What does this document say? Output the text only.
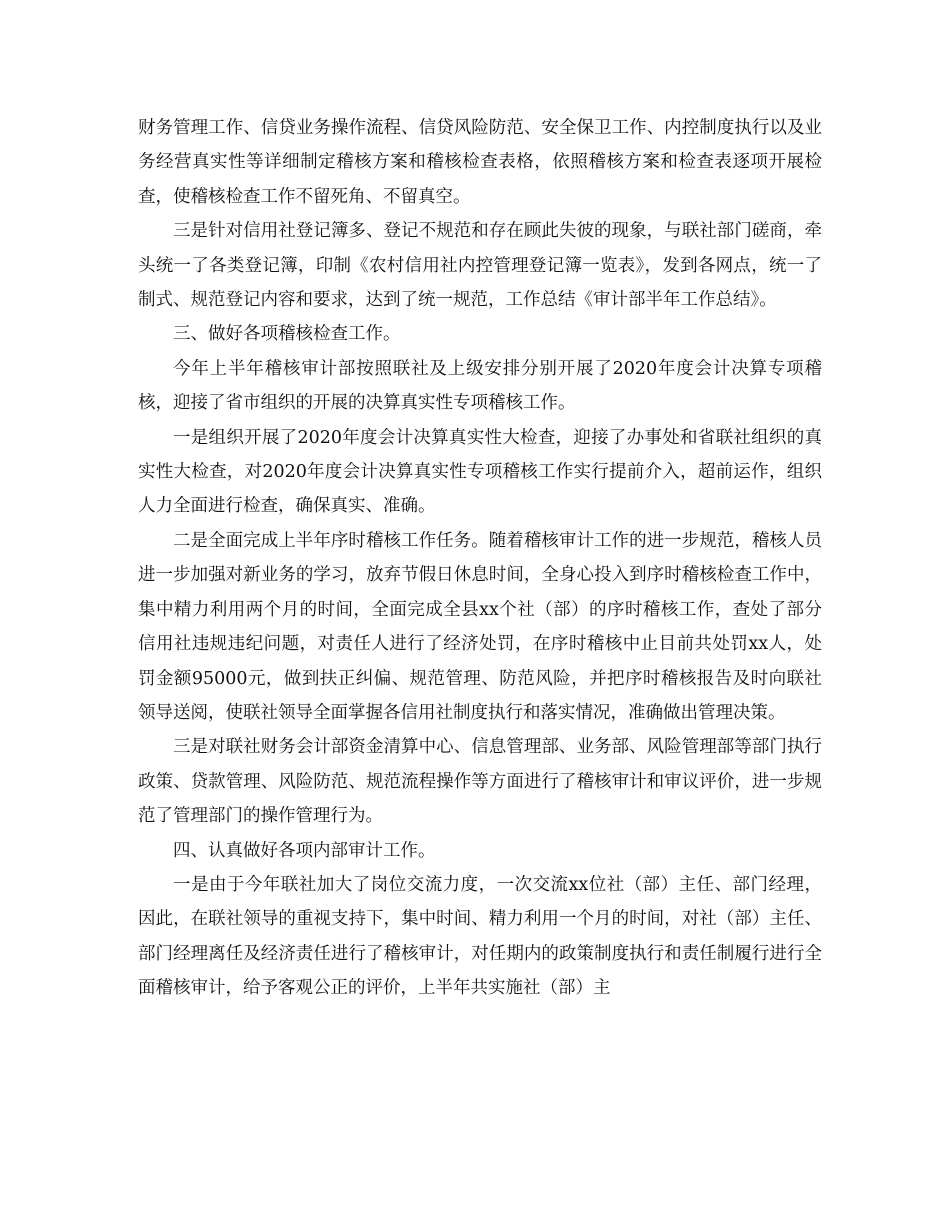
财务管理工作、信贷业务操作流程、信贷风险防范、安全保卫工作、内控制度执行以及业务经营真实性等详细制定稽核方案和稽核检查表格，依照稽核方案和检查表逐项开展检查，使稽核检查工作不留死角、不留真空。

三是针对信用社登记簿多、登记不规范和存在顾此失彼的现象，与联社部门磋商，牵头统一了各类登记簿，印制《农村信用社内控管理登记簿一览表》，发到各网点，统一了制式、规范登记内容和要求，达到了统一规范，工作总结《审计部半年工作总结》。

三、做好各项稽核检查工作。

今年上半年稽核审计部按照联社及上级安排分别开展了2020年度会计决算专项稽核，迎接了省市组织的开展的决算真实性专项稽核工作。

一是组织开展了2020年度会计决算真实性大检查，迎接了办事处和省联社组织的真实性大检查，对2020年度会计决算真实性专项稽核工作实行提前介入，超前运作，组织人力全面进行检查，确保真实、准确。

二是全面完成上半年序时稽核工作任务。随着稽核审计工作的进一步规范，稽核人员进一步加强对新业务的学习，放弃节假日休息时间，全身心投入到序时稽核检查工作中，集中精力利用两个月的时间，全面完成全县xx个社（部）的序时稽核工作，查处了部分信用社违规违纪问题，对责任人进行了经济处罚，在序时稽核中止目前共处罚xx人，处罚金额95000元，做到扶正纠偏、规范管理、防范风险，并把序时稽核报告及时向联社领导送阅，使联社领导全面掌握各信用社制度执行和落实情况，准确做出管理决策。

三是对联社财务会计部资金清算中心、信息管理部、业务部、风险管理部等部门执行政策、贷款管理、风险防范、规范流程操作等方面进行了稽核审计和审议评价，进一步规范了管理部门的操作管理行为。

四、认真做好各项内部审计工作。

一是由于今年联社加大了岗位交流力度，一次交流xx位社（部）主任、部门经理，因此，在联社领导的重视支持下，集中时间、精力利用一个月的时间，对社（部）主任、部门经理离任及经济责任进行了稽核审计，对任期内的政策制度执行和责任制履行进行全面稽核审计，给予客观公正的评价，上半年共实施社（部）主
